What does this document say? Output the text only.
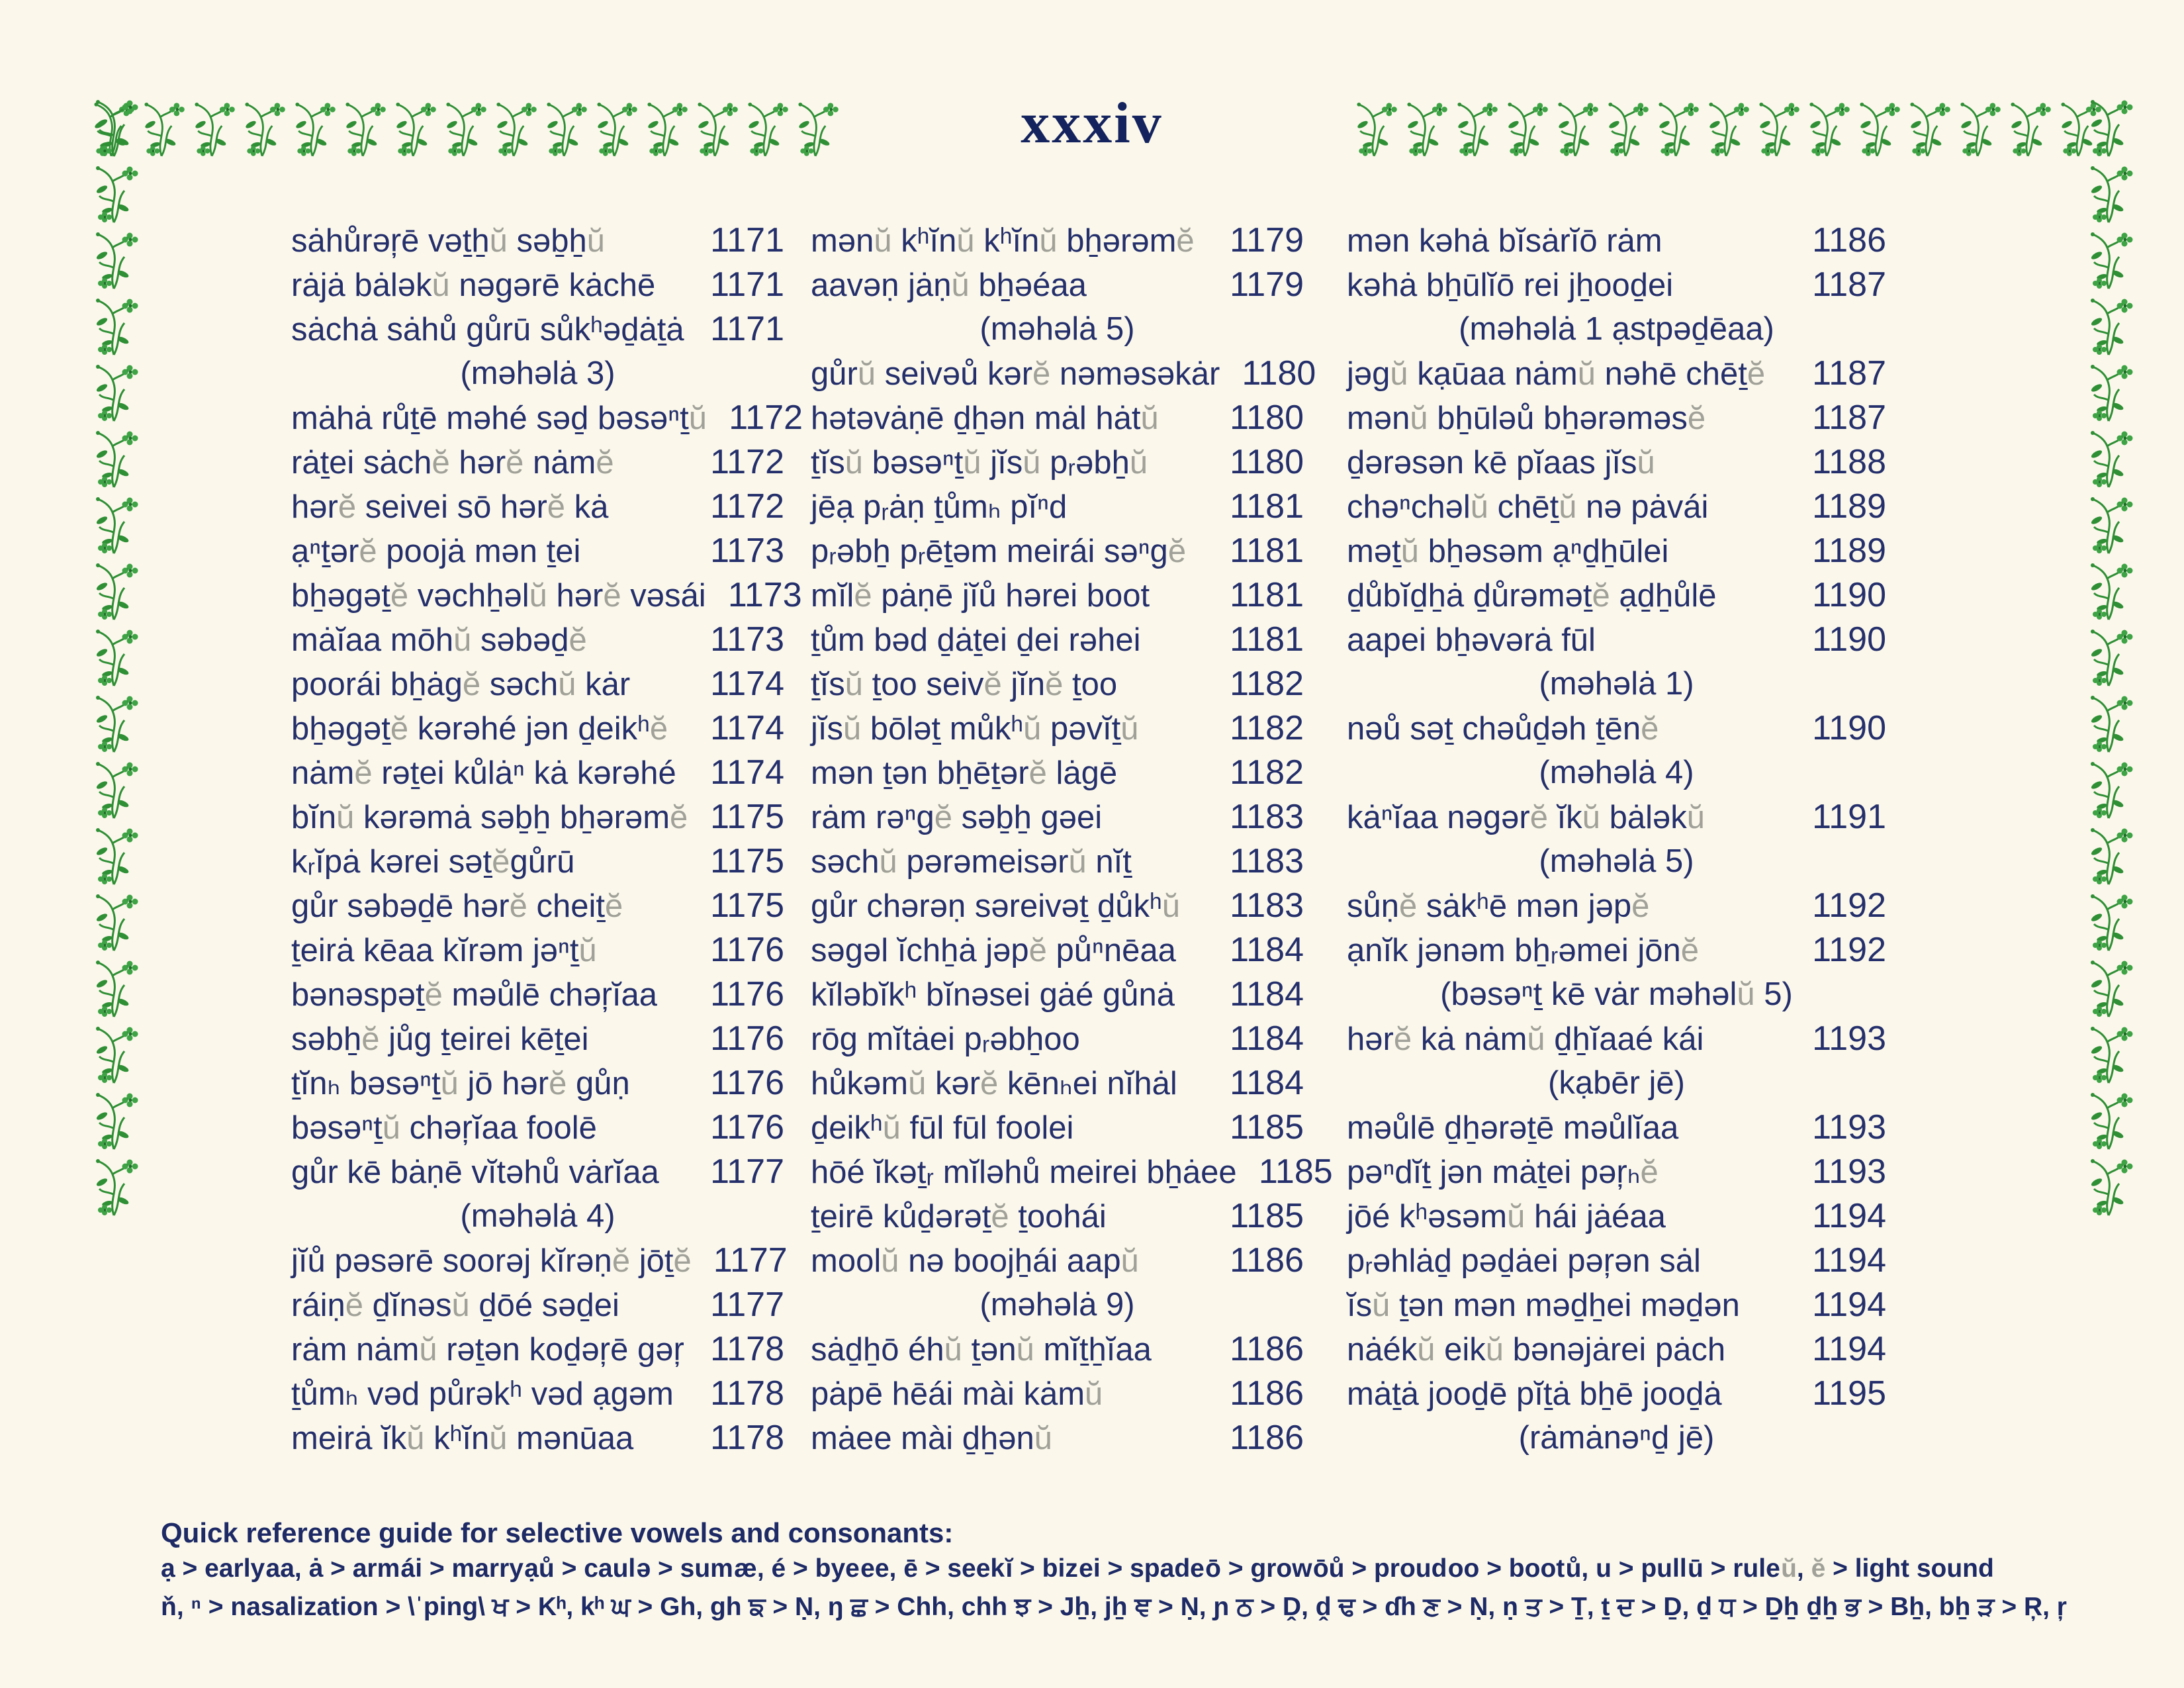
xxxiv
sȧhůrəŗē vəṯẖŭ səḇẖŭ	1171
rȧjȧ bȧləkŭ nəgərē kȧchē	1171
sȧchȧ sȧhů gůrū sůkʰəḏȧṯȧ 1171
(məhəlȧ 3)
mȧhȧ růṯē məhé səḏ bəsəⁿṯŭ 1172
rȧṯei sȧchĕ hərĕ nȧmĕ	1172
hərĕ seivei sō hərĕ kȧ	1172
ạⁿṯərĕ poojȧ mən ṯei	1173
bẖəgəṯĕ vəchẖəlŭ hərĕ vəsái 1173
mȧĭaa mōhŭ səbəḏĕ	1173
poorái bẖȧgĕ səchŭ kȧr	1174
bẖəgəṯĕ kərəhé jən ḏeikʰĕ	1174
nȧmĕ rəṯei kůlȧⁿ kȧ kərəhé 1174
bĭnŭ kərəmȧ səḇẖ bẖərəmĕ 1175
kᵣĭpȧ kərei səṯĕgůrū	1175
gůr səbəḏē hərĕ cheiṯĕ	1175
ṯeirȧ kēaa kĭrəm jəⁿṯŭ	1176
bənəspəṯĕ məůlē chəŗĭaa	1176
səbẖĕ jůg ṯeirei kēṯei	1176
ṯĭnₕ bəsəⁿṯŭ jō hərĕ gůṇ	1176
bəsəⁿṯŭ chəŗĭaa foolē	1176
gůr kē bȧṇē vĭtəhů vȧrĭaa	1177
(məhəlȧ 4)
jĭů pəsərē soorəj kĭrəṇĕ jōṯĕ 1177
ráiṇĕ ḏĭnəsŭ ḏōé səḏei	1177
rȧm nȧmŭ rəṯən koḏəŗē gəŗ 1178
ṯůmₕ vəd půrəkʰ vəd ạgəm	1178
meirȧ ĭkŭ kʰĭnŭ mənūaa	1178
mənŭ kʰĭnŭ kʰĭnŭ bẖərəmĕ	1179
aavəṇ jȧṇŭ bẖəéaa	1179
(məhəlȧ 5)
gůrŭ seivəů kərĕ nəməsəkȧr 1180
hətəvȧṇē ḏẖən mȧl hȧtŭ	1180
ṯĭsŭ bəsəⁿṯŭ jĭsŭ pᵣəbẖŭ	1180
jēạ pᵣȧṇ ṯůmₕ pĭⁿd	1181
pᵣəbẖ pᵣēṯəm meirái səⁿgĕ	1181
mĭlĕ pȧṇē jĭů hərei boot	1181
ṯům bəd ḏȧṯei ḏei rəhei	1181
ṯĭsŭ ṯoo seivĕ jĭnĕ ṯoo	1182
jĭsŭ bōləṯ můkʰŭ pəvĭṯŭ	1182
mən ṯən bẖēṯərĕ lȧgē	1182
rȧm rəⁿgĕ səḇẖ gəei	1183
səchŭ pərəmeisərŭ nĭṯ	1183
gůr chərəṇ səreivəṯ ḏůkʰŭ	1183
səgəl ĭchẖȧ jəpĕ půⁿnēaa	1184
kĭləbĭkʰ bĭnəsei gȧé gůnȧ	1184
rōg mĭtȧei pᵣəbẖoo	1184
hůkəmŭ kərĕ kēnₕei nĭhȧl	1184
ḏeikʰŭ fūl fūl foolei	1185
hōé ĭkəṯᵣ mĭləhů meirei bẖȧee 1185
ṯeirē kůḏərəṯĕ ṯoohái	1185
moolŭ nə boojẖái aapŭ	1186
(məhəlȧ 9)
sȧḏẖō éhŭ ṯənŭ mĭṯẖĭaa	1186
pȧpē hēái mài kȧmŭ	1186
mȧee mài ḏẖənŭ	1186
mən kəhȧ bĭsȧrĭō rȧm	1186
kəhȧ bẖūlĭō rei jẖooḏei	1187
(məhəlȧ 1 ạstpəḏēaa)
jəgŭ kạūaa nȧmŭ nəhē chēṯĕ	1187
mənŭ bẖūləů bẖərəməsĕ	1187
ḏərəsən kē pĭaas jĭsŭ	1188
chəⁿchəlŭ chēṯŭ nə pȧvái	1189
məṯŭ bẖəsəm ạⁿḏẖūlei	1189
ḏůbĭḏẖȧ ḏůrəməṯĕ ạḏẖůlē	1190
aapei bẖəvərȧ fūl	1190
(məhəlȧ 1)
nəů səṯ chəůḏəh ṯēnĕ	1190
(məhəlȧ 4)
kȧⁿĭaa nəgərĕ ĭkŭ bȧləkŭ	1191
(məhəlȧ 5)
sůṇĕ sȧkʰē mən jəpĕ	1192
ạnĭk jənəm bẖᵣəmei jōnĕ	1192
(bəsəⁿṯ kē vȧr məhəlŭ 5)
hərĕ kȧ nȧmŭ ḏẖĭaaé kái	1193
(kạbēr jē)
məůlē ḏẖərəṯē məůlĭaa	1193
pəⁿdĭṯ jən mȧṯei pəŗₕĕ	1193
jōé kʰəsəmŭ hái jȧéaa	1194
pᵣəhlȧḏ pəḏȧei pəŗən sȧl	1194
ĭsŭ ṯən mən məḏẖei məḏən	1194
nȧékŭ eikŭ bənəjȧrei pȧch	1194
mȧṯȧ jooḏē pĭṯȧ bẖē jooḏȧ	1195
(rȧmȧnəⁿḏ jē)
Quick reference guide for selective vowels and consonants:
ạ > early aa, ȧ > arm ái > marry ạů > caul ə > sum æ, é > bye ee, ē > seek ĭ > biz ei > spade ō > grow ōů > proud oo > boot ů, u > pull ū > rule ŭ, ĕ > light sound
ň, ⁿ > nasalization > \ˈping\ ਖ > Kʰ, kʰ ਘ > Gh, gh ਙ > Ṇ, ŋ ਛ > Chh, chh ਝ > Jẖ, jẖ ਞ > Ṇ, ɲ ਠ > Ḓ, ḓ ਢ > ɗh ਣ > Ṇ, ṇ ਤ > Ṯ, ṯ ਦ > Ḏ, ḏ ਧ > Ḏẖ ḏẖ ਭ > Bẖ, bẖ ੜ > Ŗ, ŗ
